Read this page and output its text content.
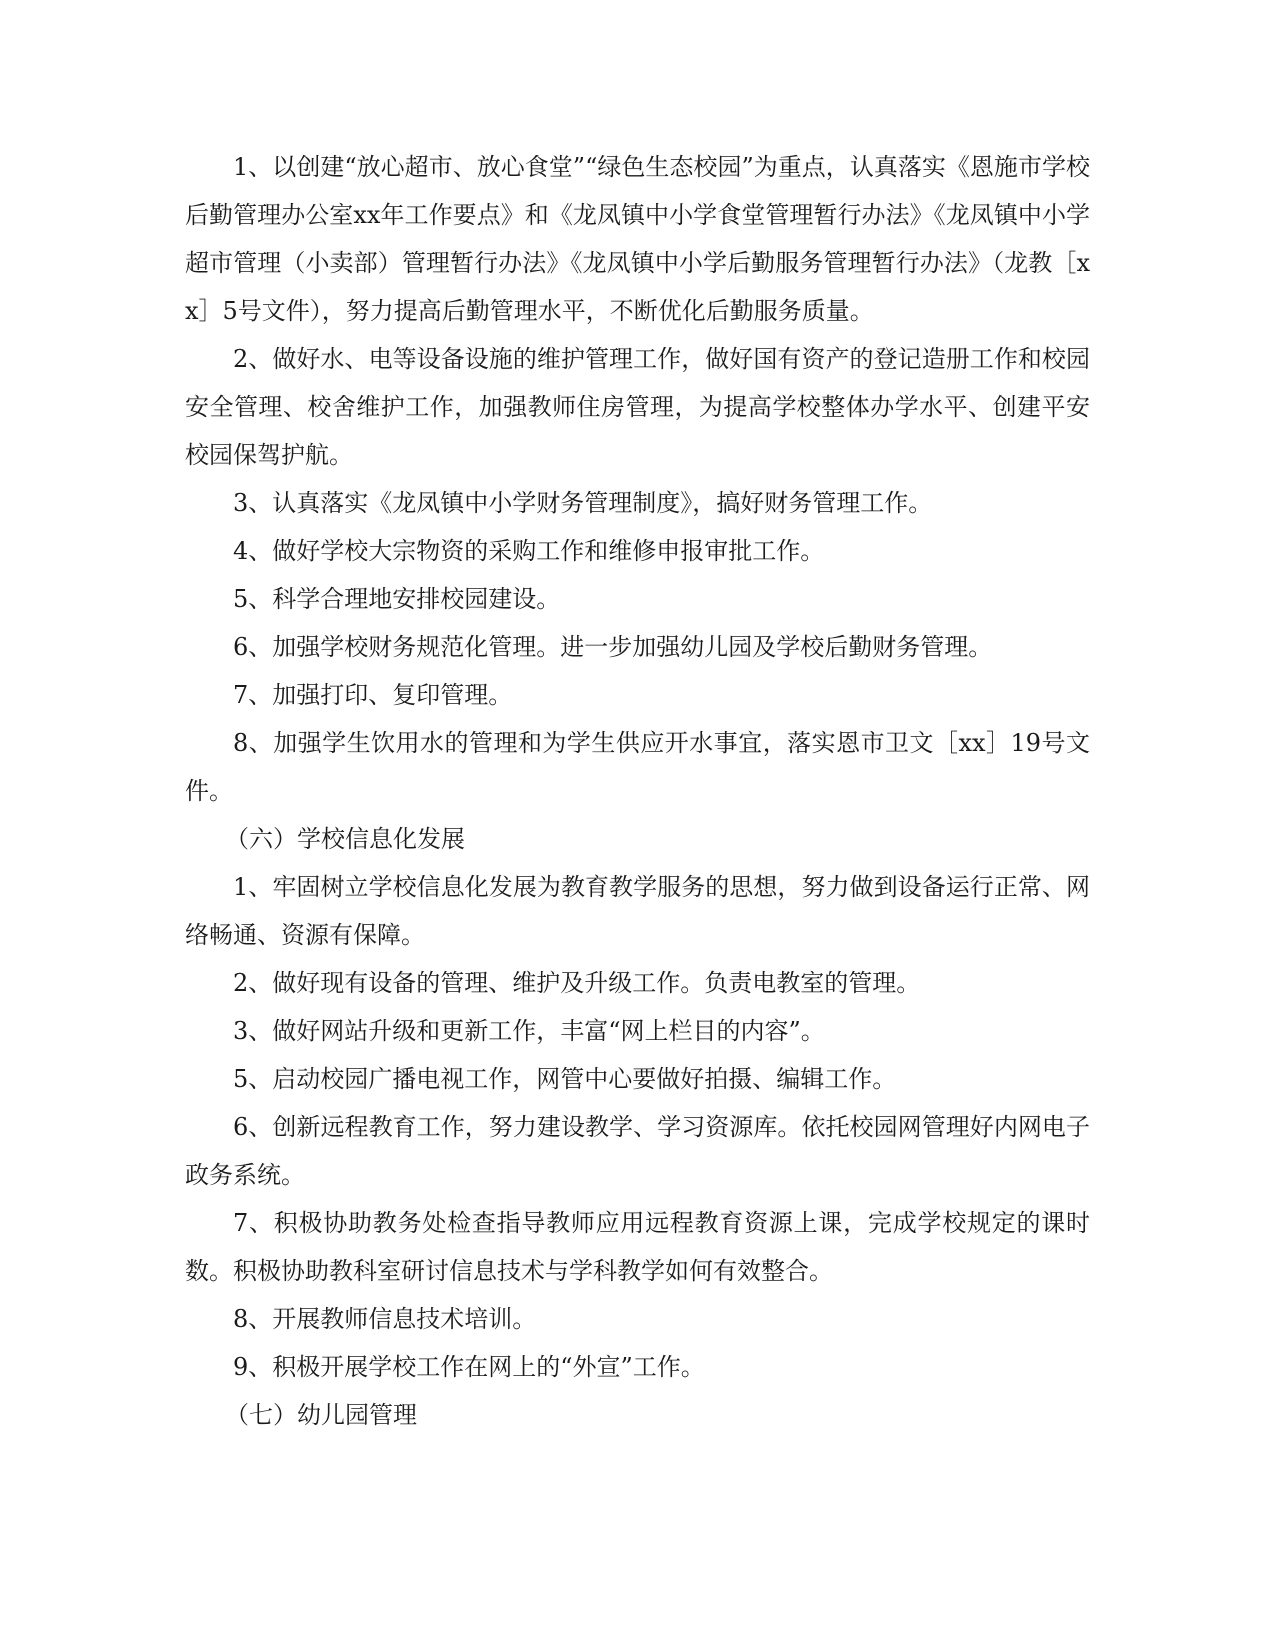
1、以创建“放心超市、放心食堂”“绿色生态校园”为重点，认真落实《恩施市学校后勤管理办公室xx年工作要点》和《龙凤镇中小学食堂管理暂行办法》《龙凤镇中小学超市管理（小卖部）管理暂行办法》《龙凤镇中小学后勤服务管理暂行办法》（龙教［xx］5号文件），努力提高后勤管理水平，不断优化后勤服务质量。

2、做好水、电等设备设施的维护管理工作，做好国有资产的登记造册工作和校园安全管理、校舍维护工作，加强教师住房管理，为提高学校整体办学水平、创建平安校园保驾护航。

3、认真落实《龙凤镇中小学财务管理制度》，搞好财务管理工作。

4、做好学校大宗物资的采购工作和维修申报审批工作。

5、科学合理地安排校园建设。

6、加强学校财务规范化管理。进一步加强幼儿园及学校后勤财务管理。

7、加强打印、复印管理。

8、加强学生饮用水的管理和为学生供应开水事宜，落实恩市卫文［xx］19号文件。

（六）学校信息化发展

1、牢固树立学校信息化发展为教育教学服务的思想，努力做到设备运行正常、网络畅通、资源有保障。

2、做好现有设备的管理、维护及升级工作。负责电教室的管理。

3、做好网站升级和更新工作，丰富“网上栏目的内容”。

5、启动校园广播电视工作，网管中心要做好拍摄、编辑工作。

6、创新远程教育工作，努力建设教学、学习资源库。依托校园网管理好内网电子政务系统。

7、积极协助教务处检查指导教师应用远程教育资源上课，完成学校规定的课时数。积极协助教科室研讨信息技术与学科教学如何有效整合。

8、开展教师信息技术培训。

9、积极开展学校工作在网上的“外宣”工作。

（七）幼儿园管理
